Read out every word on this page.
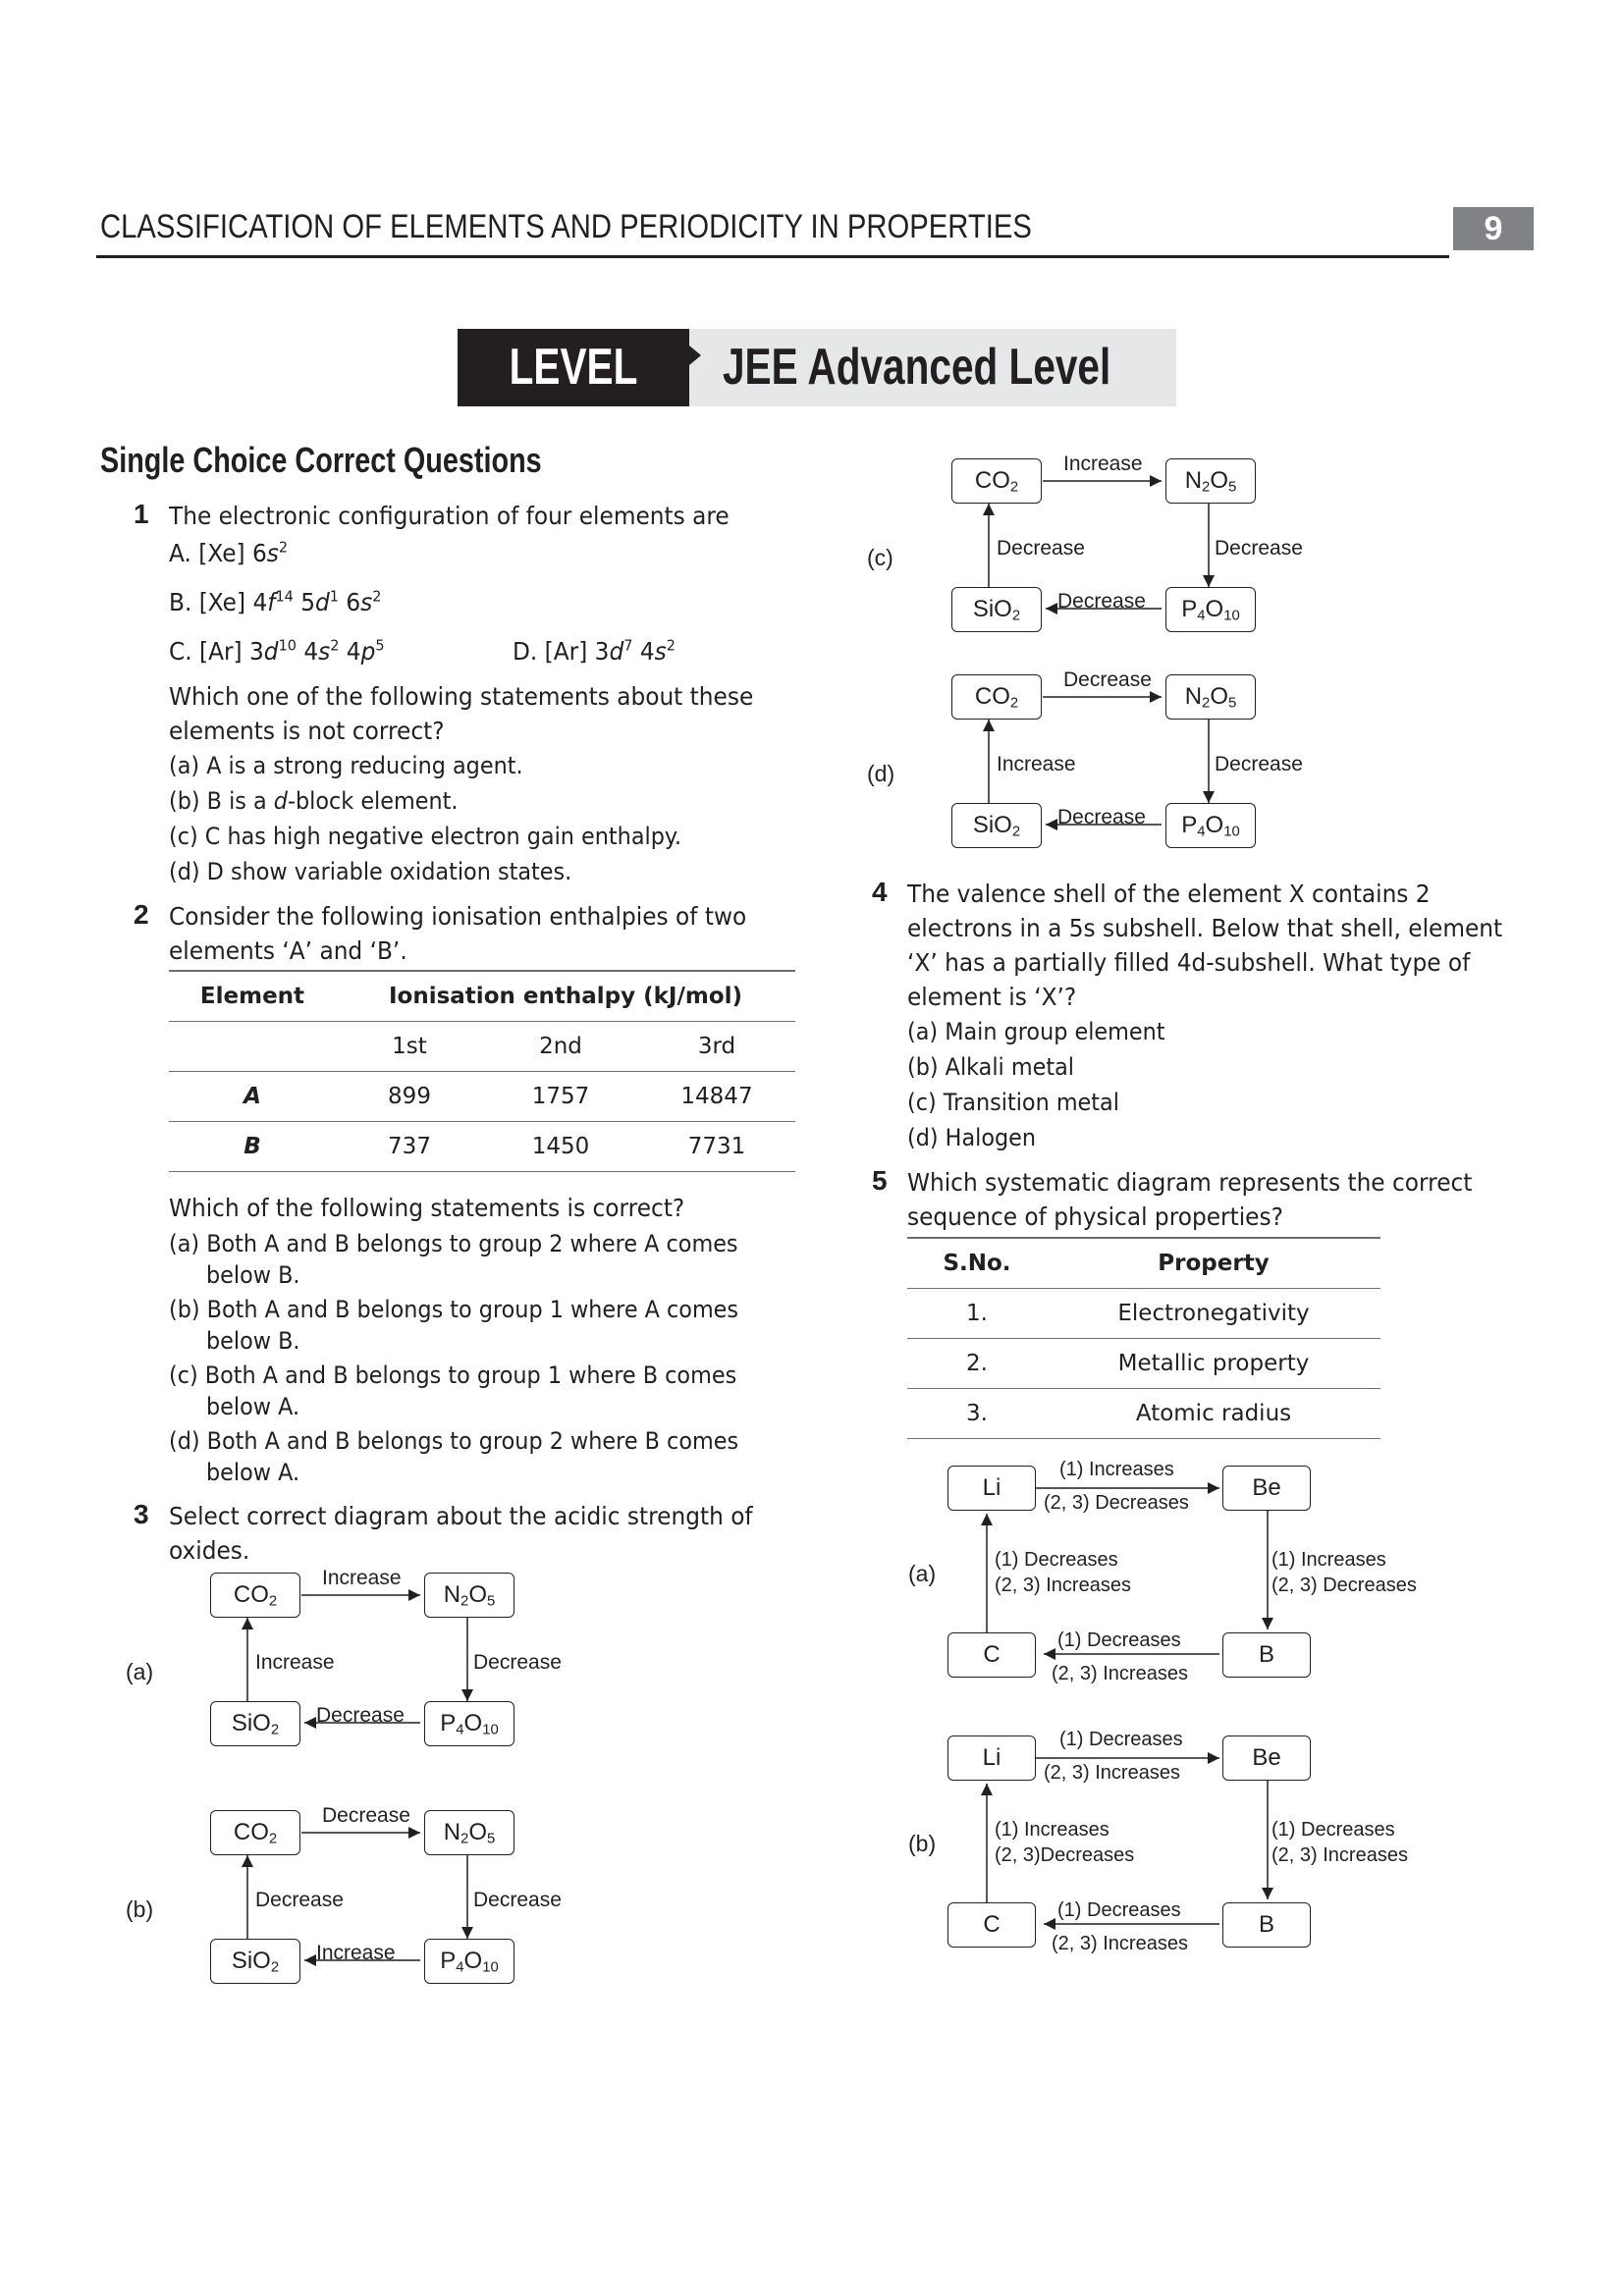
CLASSIFICATION OF ELEMENTS AND PERIODICITY IN PROPERTIES	9
LEVEL 03
JEE Advanced Level
Single Choice Correct Questions
1 The electronic configuration of four elements are
A. [Xe] $6s^2$
B. [Xe] $4f^{14}$ $5d^1$ $6s^2$
C. [Ar] $3d^{10}$ $4s^2$ $4p^5$	D. [Ar] $3d^7$ $4s^2$
Which one of the following statements about these
elements is not correct?
(a) A is a strong reducing agent.
(b) B is a d-block element.
(c) C has high negative electron gain enthalpy.
(d) D show variable oxidation states.
2 Consider the following ionisation enthalpies of two
elements ‘A’ and ‘B’.
Element	Ionisation enthalpy (kJ/mol)		
	1st	2nd	3rd
A	899	1757	14847
B	737	1450	7731
Which of the following statements is correct?
(a) Both A and B belongs to group 2 where A comes
below B.
(b) Both A and B belongs to group 1 where A comes
below B.
(c) Both A and B belongs to group 1 where B comes
below A.
(d) Both A and B belongs to group 2 where B comes
below A.
3 Select correct diagram about the acidic strength of
oxides.
(a)
$CO_2$	$N_2O_5$
SiO$_2$	$P_4O_{10}$
Increase
Decrease
Increase	Decrease
(b)
$CO_2$	$N_2O_5$
SiO$_2$	$P_4O_{10}$
Decrease
Increase
Decrease	Decrease
(c)
$CO_2$	$N_2O_5$
SiO$_2$	$P_4O_{10}$
Increase
Decrease
Decrease	Decrease
(d)
$CO_2$	$N_2O_5$
SiO$_2$	$P_4O_{10}$
Decrease
Decrease
Increase	Decrease
4 The valence shell of the element X contains 2
electrons in a 5s subshell. Below that shell, element
‘X’ has a partially filled 4d-subshell. What type of
element is ‘X’?
(a) Main group element
(b) Alkali metal
(c) Transition metal
(d) Halogen
5 Which systematic diagram represents the correct
sequence of physical properties?
S.No.	Property
1.	Electronegativity
2.	Metallic property
3.	Atomic radius
(a)
Li	Be
C	B
(1) Increases
(2, 3) Decreases
(1) Decreases
(2, 3) Increases
(1) Increases
(2, 3) Decreases
(1) Decreases
(2, 3) Increases
(b)
Li	Be
C	B
(1) Decreases
(2, 3) Increases
(1) Increases
(2, 3)Decreases
(1) Decreases
(2, 3) Increases
(1) Decreases
(2, 3) Increases
